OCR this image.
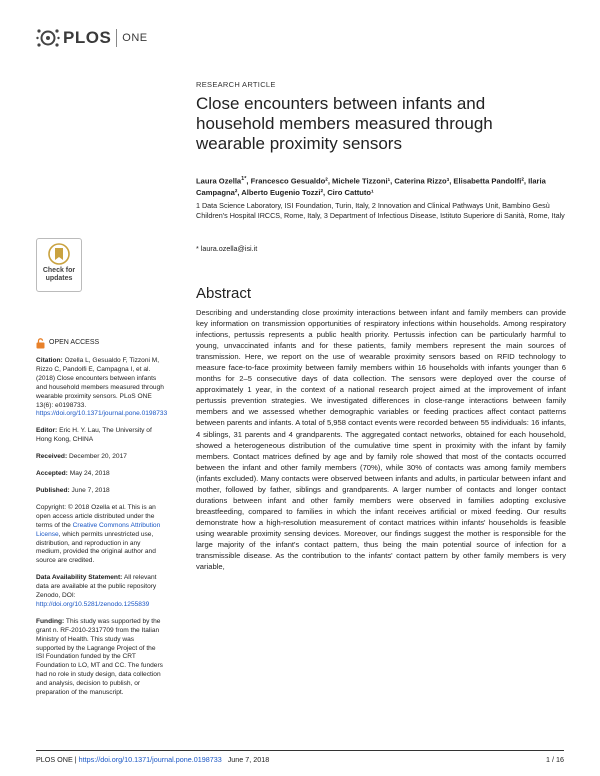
PLOS ONE
RESEARCH ARTICLE
Close encounters between infants and household members measured through wearable proximity sensors
Laura Ozella$^{1*}$, Francesco Gesualdo², Michele Tizzoni¹, Caterina Rizzo³, Elisabetta Pandolfi², Ilaria Campagna², Alberto Eugenio Tozzi², Ciro Cattuto¹
1 Data Science Laboratory, ISI Foundation, Turin, Italy, 2 Innovation and Clinical Pathways Unit, Bambino Gesù Children's Hospital IRCCS, Rome, Italy, 3 Department of Infectious Disease, Istituto Superiore di Sanità, Rome, Italy
* laura.ozella@isi.it
Check for
updates
OPEN ACCESS

Citation: Ozella L, Gesualdo F, Tizzoni M, Rizzo C, Pandolfi E, Campagna I, et al. (2018) Close encounters between infants and household members measured through wearable proximity sensors. PLoS ONE 13(6): e0198733. https://doi.org/10.1371/journal.pone.0198733

Editor: Eric H. Y. Lau, The University of Hong Kong, CHINA

Received: December 20, 2017

Accepted: May 24, 2018

Published: June 7, 2018

Copyright: © 2018 Ozella et al. This is an open access article distributed under the terms of the Creative Commons Attribution License, which permits unrestricted use, distribution, and reproduction in any medium, provided the original author and source are credited.

Data Availability Statement: All relevant data are available at the public repository Zenodo, DOI: http://doi.org/10.5281/zenodo.1255839

Funding: This study was supported by the grant n. RF-2010-2317709 from the Italian Ministry of Health. This study was supported by the Lagrange Project of the ISI Foundation funded by the CRT Foundation to LO, MT and CC. The funders had no role in study design, data collection and analysis, decision to publish, or preparation of the manuscript.

Abstract
Describing and understanding close proximity interactions between infant and family members can provide key information on transmission opportunities of respiratory infections within households. Among respiratory infections, pertussis represents a public health priority. Pertussis infection can be particularly harmful to young, unvaccinated infants and for these patients, family members represent the main sources of transmission. Here, we report on the use of wearable proximity sensors based on RFID technology to measure face-to-face proximity between family members within 16 households with infants younger than 6 months for 2–5 consecutive days of data collection. The sensors were deployed over the course of approximately 1 year, in the context of a national research project aimed at the improvement of infant pertussis prevention strategies. We investigated differences in close-range interactions between family members and we assessed whether demographic variables or feeding practices affect contact patterns between parents and infants. A total of 5,958 contact events were recorded between 55 individuals: 16 infants, 4 siblings, 31 parents and 4 grandparents. The aggregated contact networks, obtained for each household, showed a heterogeneous distribution of the cumulative time spent in proximity with the infant by family members. Contact matrices defined by age and by family role showed that most of the contacts occurred between the infant and other family members (70%), while 30% of contacts was among family members (infants excluded). Many contacts were observed between infants and adults, in particular between infant and mother, followed by father, siblings and grandparents. A larger number of contacts and longer contact durations between infant and other family members were observed in families adopting exclusive breastfeeding, compared to families in which the infant receives artificial or mixed feeding. Our results demonstrate how a high-resolution measurement of contact matrices within infants' households is feasible using wearable proximity sensing devices. Moreover, our findings suggest the mother is responsible for the large majority of the infant's contact pattern, thus being the main potential source of infection for a transmissible disease. As the contribution to the infants' contact pattern by other family members is very variable,
PLOS ONE | https://doi.org/10.1371/journal.pone.0198733 June 7, 2018	1 / 16
